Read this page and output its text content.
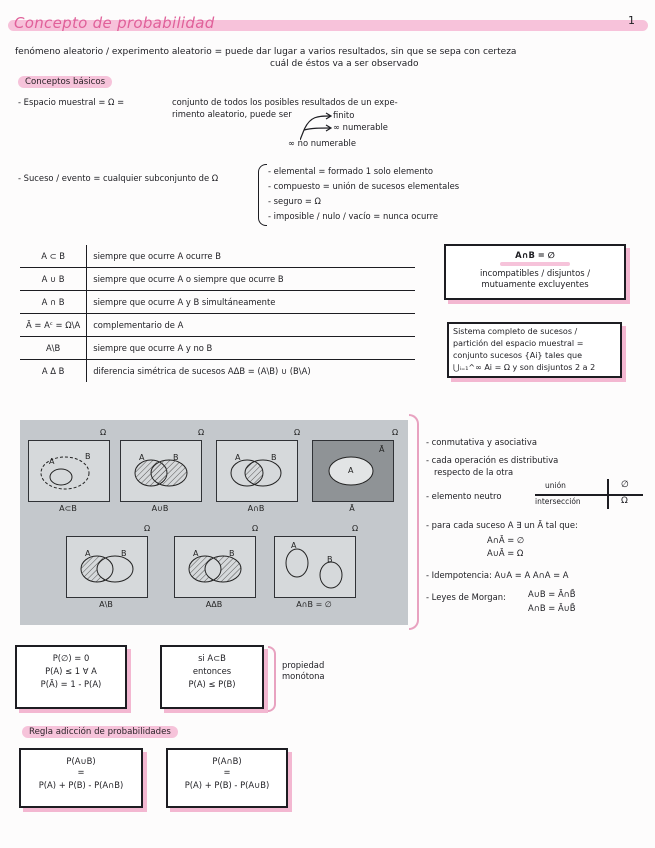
Concepto de probabilidad	1
fenómeno aleatorio / experimento aleatorio = puede dar lugar a varios resultados, sin que se sepa con certeza
cuál de éstos va a ser observado
Conceptos básicos
- Espacio muestral = Ω =	conjunto de todos los posibles resultados de un expe-
rimento aleatorio, puede ser	finito
∞ numerable
∞ no numerable
- Suceso / evento = cualquier subconjunto de Ω
- elemental = formado 1 solo elemento
- compuesto = unión de sucesos elementales
- seguro = Ω
- imposible / nulo / vacío = nunca ocurre
A ⊂ B	siempre que ocurre A ocurre B
A ∪ B	siempre que ocurre A o siempre que ocurre B
A ∩ B	siempre que ocurre A y B simultáneamente
Ā = Aᶜ = Ω\A	complementario de A
A\B	siempre que ocurre A y no B
A Δ B	diferencia simétrica de sucesos AΔB = (A\B) ∪ (B\A)
A∩B = ∅
incompatibles / disjuntos /
mutuamente excluyentes
Sistema completo de sucesos /
partición del espacio muestral =
conjunto sucesos {Ai} tales que
⋃ᵢ₌₁^∞ Ai = Ω y son disjuntos 2 a 2
B
A
Ω
A⊂B
A	B
Ω
A∪B
A	B
Ω
A∩B
A
Ā
Ω
Ā
A	B
Ω
A\B
A	B
Ω
AΔB
A
B
Ω
A∩B = ∅
- conmutativa y asociativa
- cada operación es distributiva
respecto de la otra
- elemento neutro
unión
intersección
∅
Ω
- para cada suceso A ∃ un Ā tal que:
A∩Ā = ∅
A∪Ā = Ω
- Idempotencia: A∪A = A A∩A = A
- Leyes de Morgan:	A∪B = Ā∩B̄
A∩B = Ā∪B̄
P(∅) = 0
P(A) ≤ 1 ∀ A
P(Ā) = 1 - P(A)
si A⊂B
entonces
P(A) ≤ P(B)
propiedad monótona
Regla adicción de probabilidades
P(A∪B)
=
P(A) + P(B) - P(A∩B)
P(A∩B)
=
P(A) + P(B) - P(A∪B)
